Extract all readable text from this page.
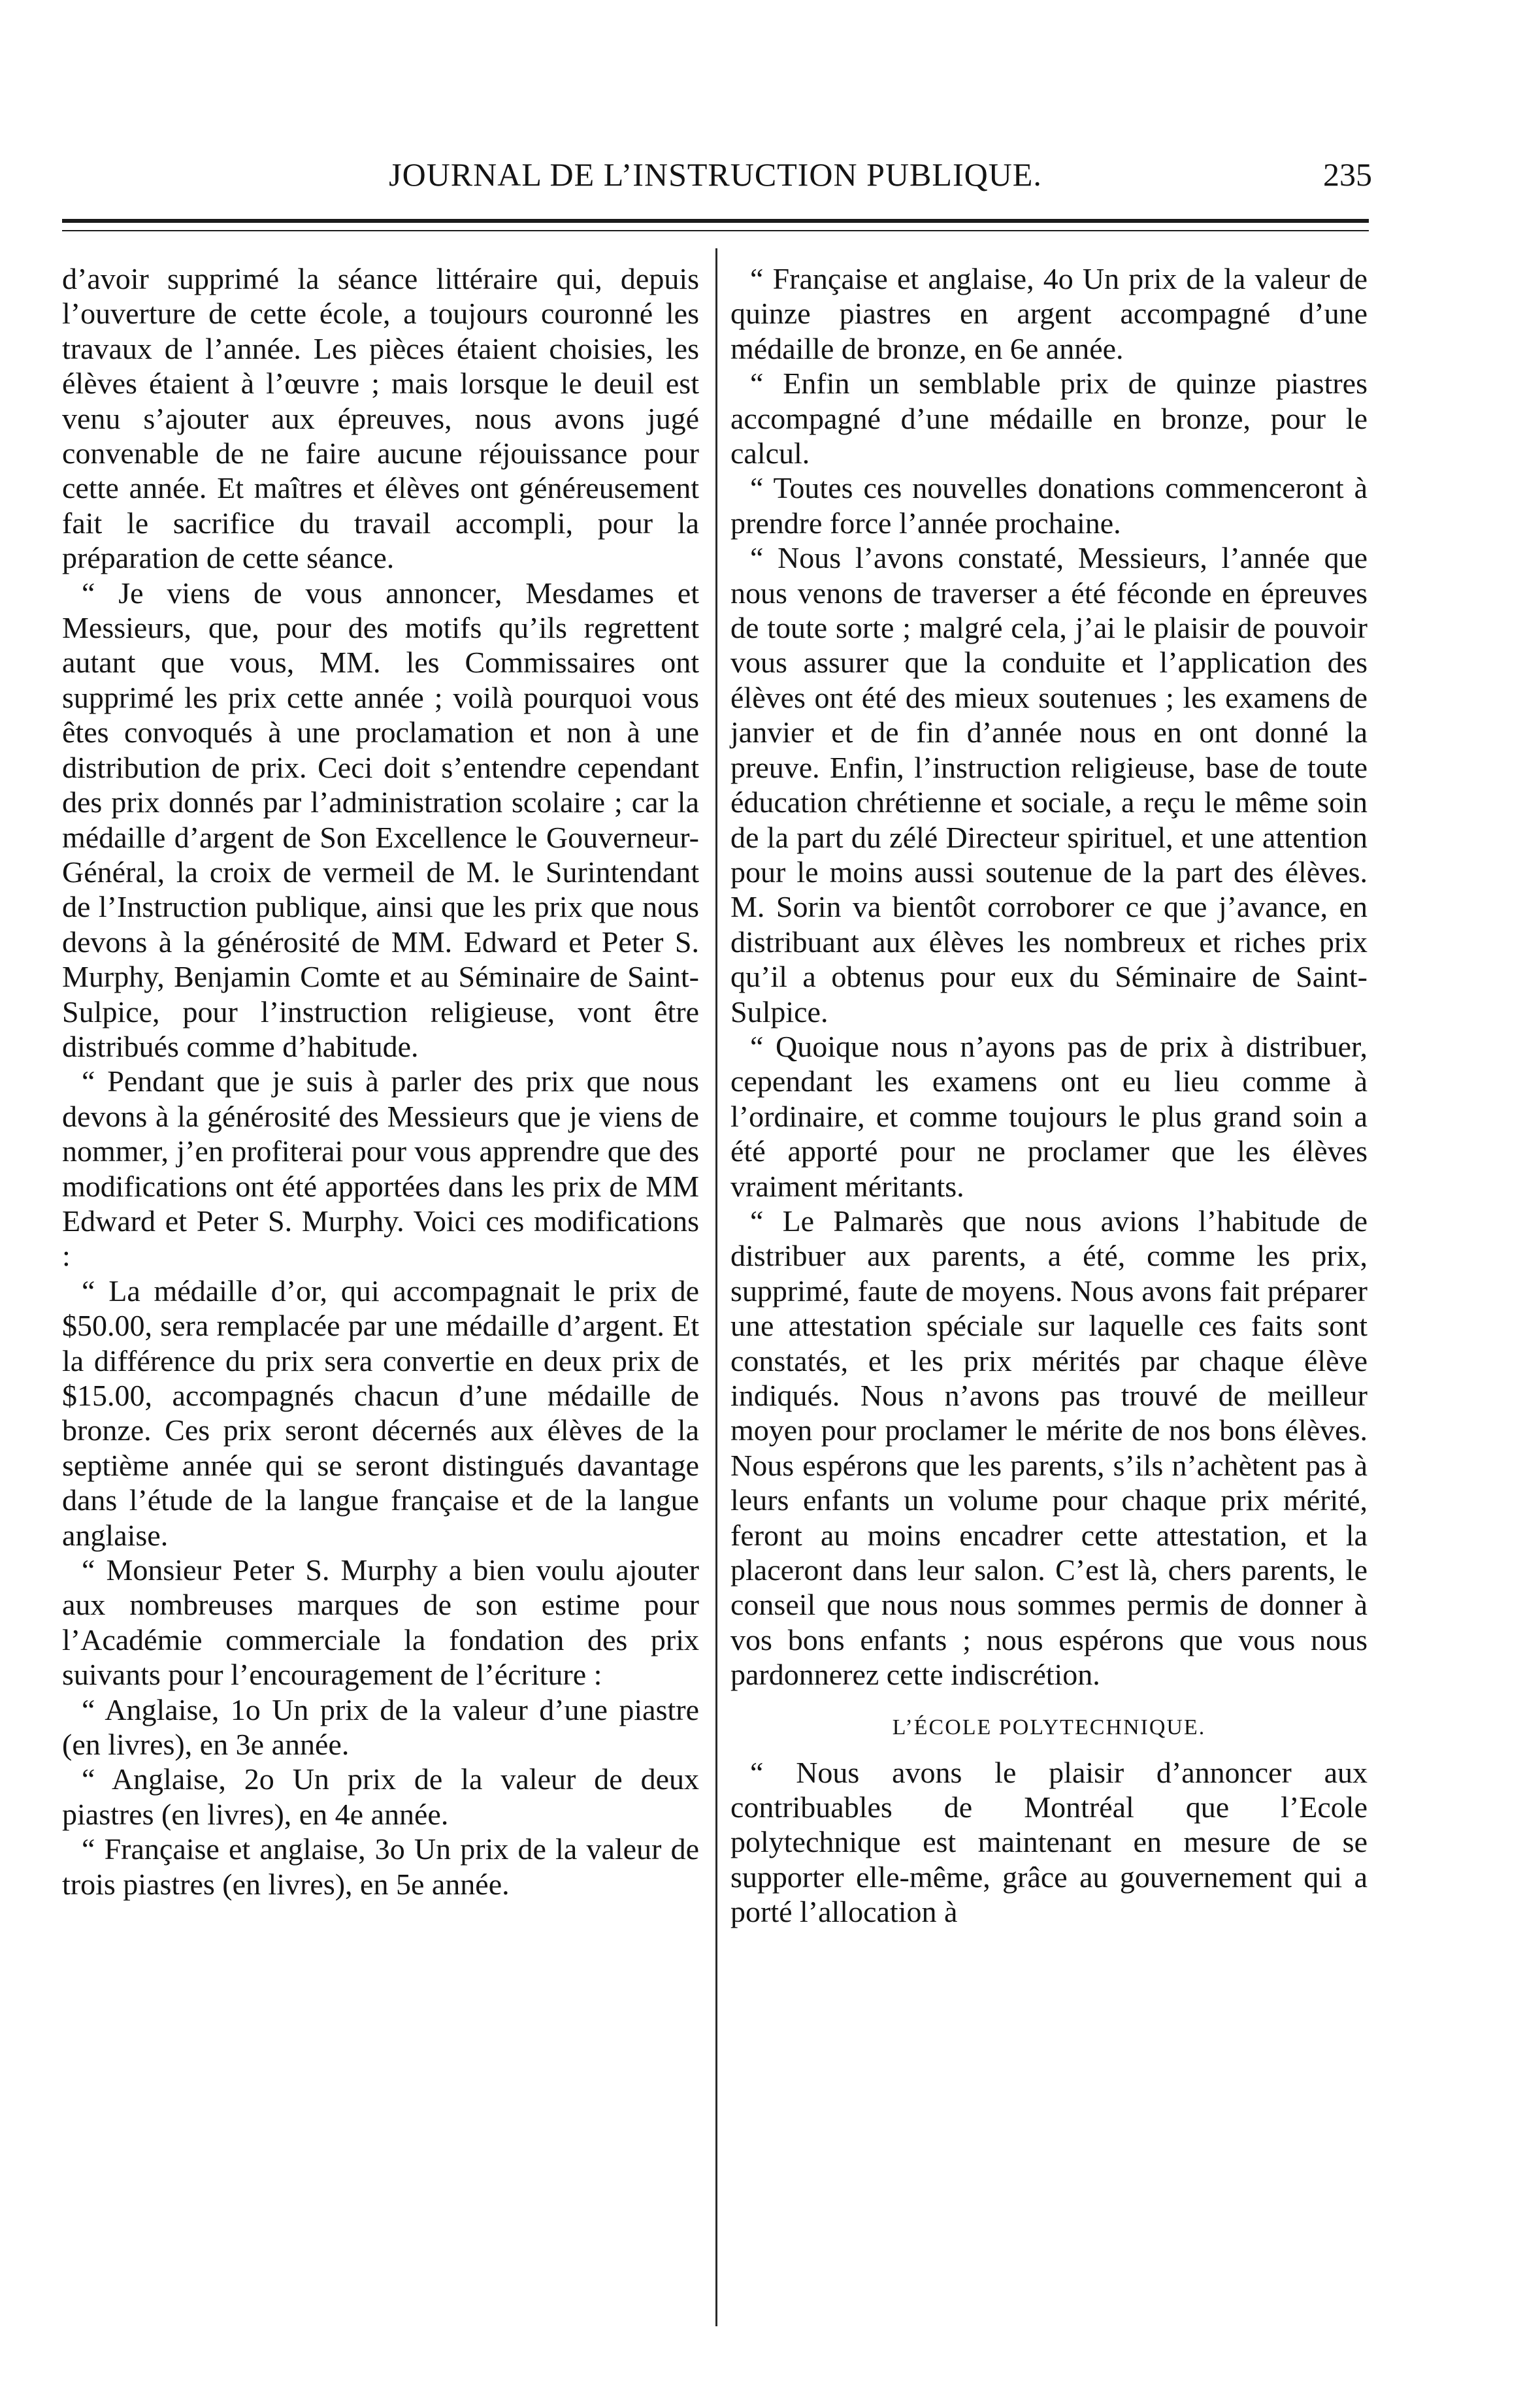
JOURNAL DE L’INSTRUCTION PUBLIQUE.	235

d’avoir supprimé la séance littéraire qui, depuis l’ouverture de cette école, a toujours couronné les travaux de l’année. Les pièces étaient choisies, les élèves étaient à l’œuvre ; mais lorsque le deuil est venu s’ajouter aux épreuves, nous avons jugé convenable de ne faire aucune réjouissance pour cette année. Et maîtres et élèves ont généreusement fait le sacrifice du travail accompli, pour la préparation de cette séance.

“ Je viens de vous annoncer, Mesdames et Messieurs, que, pour des motifs qu’ils regrettent autant que vous, MM. les Commissaires ont supprimé les prix cette année ; voilà pourquoi vous êtes convoqués à une proclamation et non à une distribution de prix. Ceci doit s’entendre cependant des prix donnés par l’administration scolaire ; car la médaille d’argent de Son Excellence le Gouverneur-Général, la croix de vermeil de M. le Surintendant de l’Instruction publique, ainsi que les prix que nous devons à la générosité de MM. Edward et Peter S. Murphy, Benjamin Comte et au Séminaire de Saint-Sulpice, pour l’instruction religieuse, vont être distribués comme d’habitude.

“ Pendant que je suis à parler des prix que nous devons à la générosité des Messieurs que je viens de nommer, j’en profiterai pour vous apprendre que des modifications ont été apportées dans les prix de MM Edward et Peter S. Murphy. Voici ces modifications :

“ La médaille d’or, qui accompagnait le prix de $50.00, sera remplacée par une médaille d’argent. Et la différence du prix sera convertie en deux prix de $15.00, accompagnés chacun d’une médaille de bronze. Ces prix seront décernés aux élèves de la septième année qui se seront distingués davantage dans l’étude de la langue française et de la langue anglaise.

“ Monsieur Peter S. Murphy a bien voulu ajouter aux nombreuses marques de son estime pour l’Académie commerciale la fondation des prix suivants pour l’encouragement de l’écriture :

“ Anglaise, 1o Un prix de la valeur d’une piastre (en livres), en 3e année.

“ Anglaise, 2o Un prix de la valeur de deux piastres (en livres), en 4e année.

“ Française et anglaise, 3o Un prix de la valeur de trois piastres (en livres), en 5e année.

“ Française et anglaise, 4o Un prix de la valeur de quinze piastres en argent accompagné d’une médaille de bronze, en 6e année.

“ Enfin un semblable prix de quinze piastres accompagné d’une médaille en bronze, pour le calcul.

“ Toutes ces nouvelles donations commenceront à prendre force l’année prochaine.

“ Nous l’avons constaté, Messieurs, l’année que nous venons de traverser a été féconde en épreuves de toute sorte ; malgré cela, j’ai le plaisir de pouvoir vous assurer que la conduite et l’application des élèves ont été des mieux soutenues ; les examens de janvier et de fin d’année nous en ont donné la preuve. Enfin, l’instruction religieuse, base de toute éducation chrétienne et sociale, a reçu le même soin de la part du zélé Directeur spirituel, et une attention pour le moins aussi soutenue de la part des élèves. M. Sorin va bientôt corroborer ce que j’avance, en distribuant aux élèves les nombreux et riches prix qu’il a obtenus pour eux du Séminaire de Saint-Sulpice.

“ Quoique nous n’ayons pas de prix à distribuer, cependant les examens ont eu lieu comme à l’ordinaire, et comme toujours le plus grand soin a été apporté pour ne proclamer que les élèves vraiment méritants.

“ Le Palmarès que nous avions l’habitude de distribuer aux parents, a été, comme les prix, supprimé, faute de moyens. Nous avons fait préparer une attestation spéciale sur laquelle ces faits sont constatés, et les prix mérités par chaque élève indiqués. Nous n’avons pas trouvé de meilleur moyen pour proclamer le mérite de nos bons élèves. Nous espérons que les parents, s’ils n’achètent pas à leurs enfants un volume pour chaque prix mérité, feront au moins encadrer cette attestation, et la placeront dans leur salon. C’est là, chers parents, le conseil que nous nous sommes permis de donner à vos bons enfants ; nous espérons que vous nous pardonnerez cette indiscrétion.

L’ÉCOLE POLYTECHNIQUE.

“ Nous avons le plaisir d’annoncer aux contribuables de Montréal que l’Ecole polytechnique est maintenant en mesure de se supporter elle-même, grâce au gouvernement qui a porté l’allocation à
